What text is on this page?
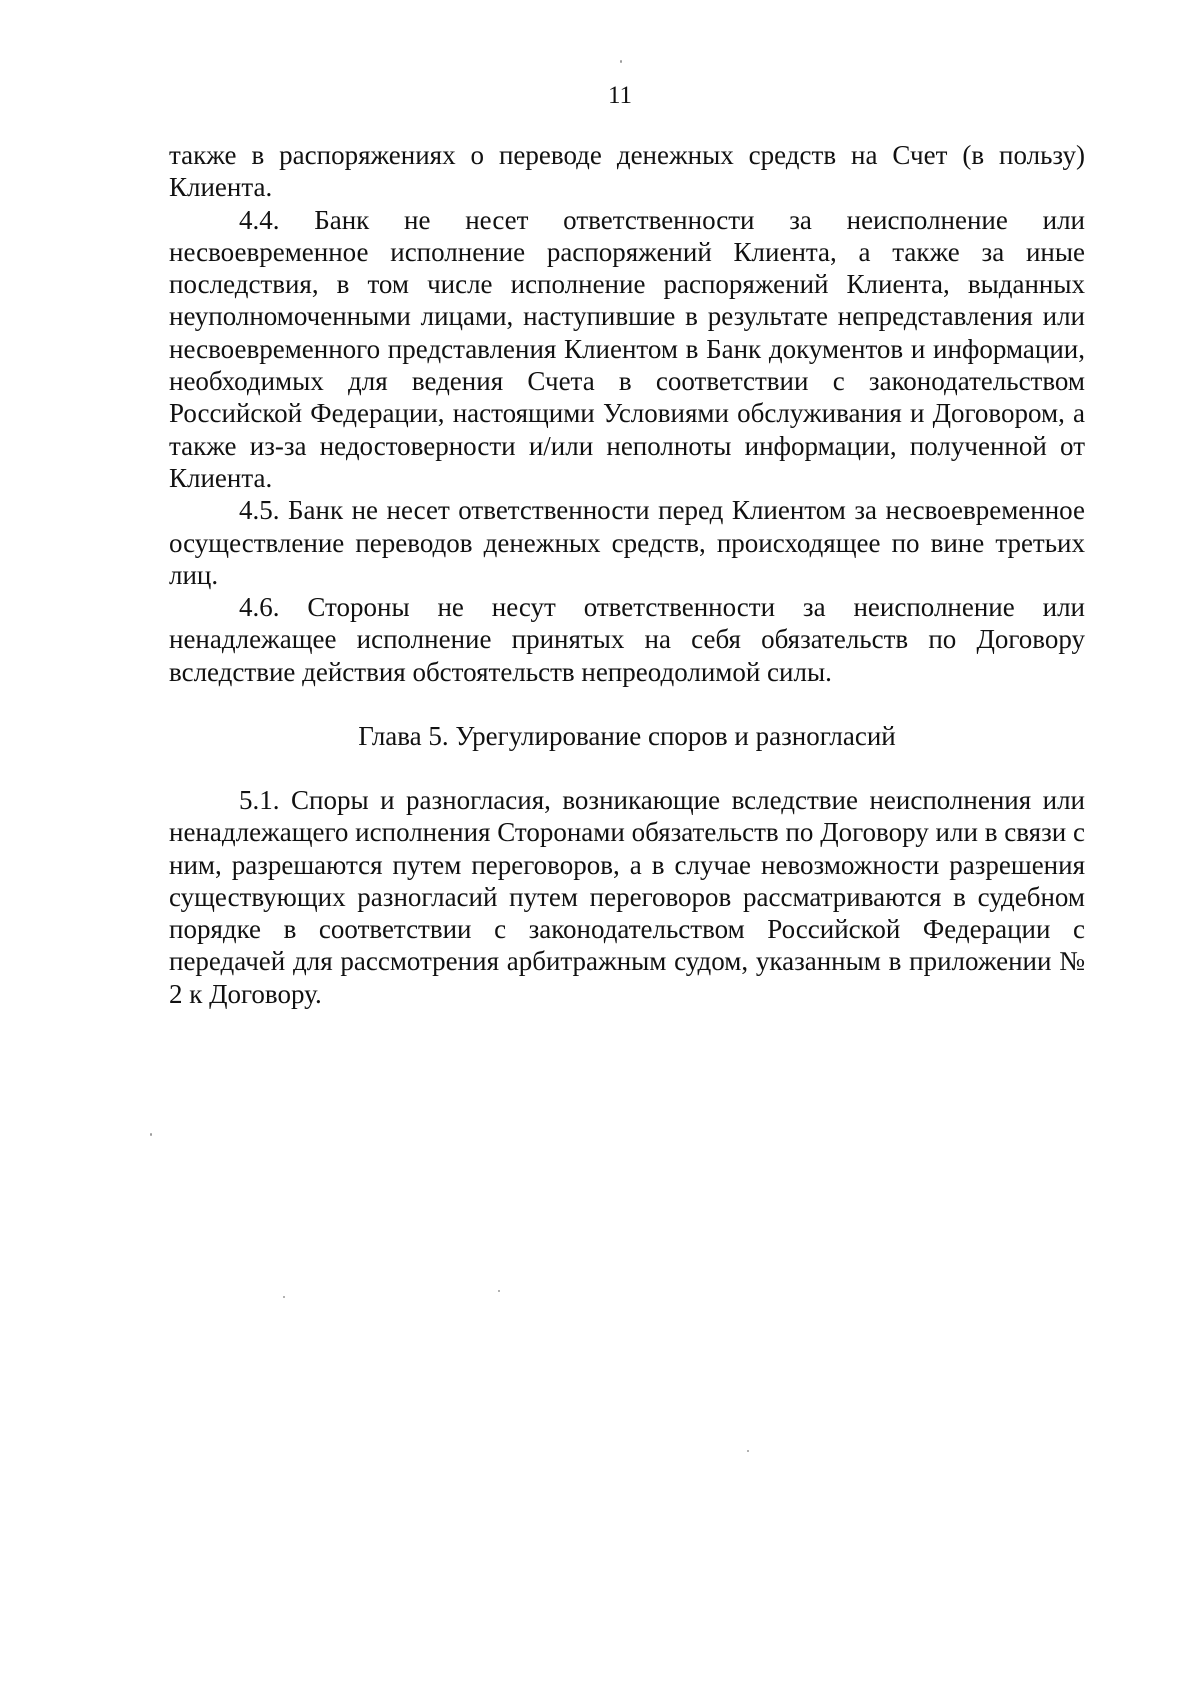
11

также в распоряжениях о переводе денежных средств на Счет (в пользу) Клиента.

4.4. Банк не несет ответственности за неисполнение или несвоевременное исполнение распоряжений Клиента, а также за иные последствия, в том числе исполнение распоряжений Клиента, выданных неуполномоченными лицами, наступившие в результате непредставления или несвоевременного представления Клиентом в Банк документов и информации, необходимых для ведения Счета в соответствии с законодательством Российской Федерации, настоящими Условиями обслуживания и Договором, а также из-за недостоверности и/или неполноты информации, полученной от Клиента.

4.5. Банк не несет ответственности перед Клиентом за несвоевременное осуществление переводов денежных средств, происходящее по вине третьих лиц.

4.6. Стороны не несут ответственности за неисполнение или ненадлежащее исполнение принятых на себя обязательств по Договору вследствие действия обстоятельств непреодолимой силы.

Глава 5. Урегулирование споров и разногласий

5.1. Споры и разногласия, возникающие вследствие неисполнения или ненадлежащего исполнения Сторонами обязательств по Договору или в связи с ним, разрешаются путем переговоров, а в случае невозможности разрешения существующих разногласий путем переговоров рассматриваются в судебном порядке в соответствии с законодательством Российской Федерации с передачей для рассмотрения арбитражным судом, указанным в приложении № 2 к Договору.
